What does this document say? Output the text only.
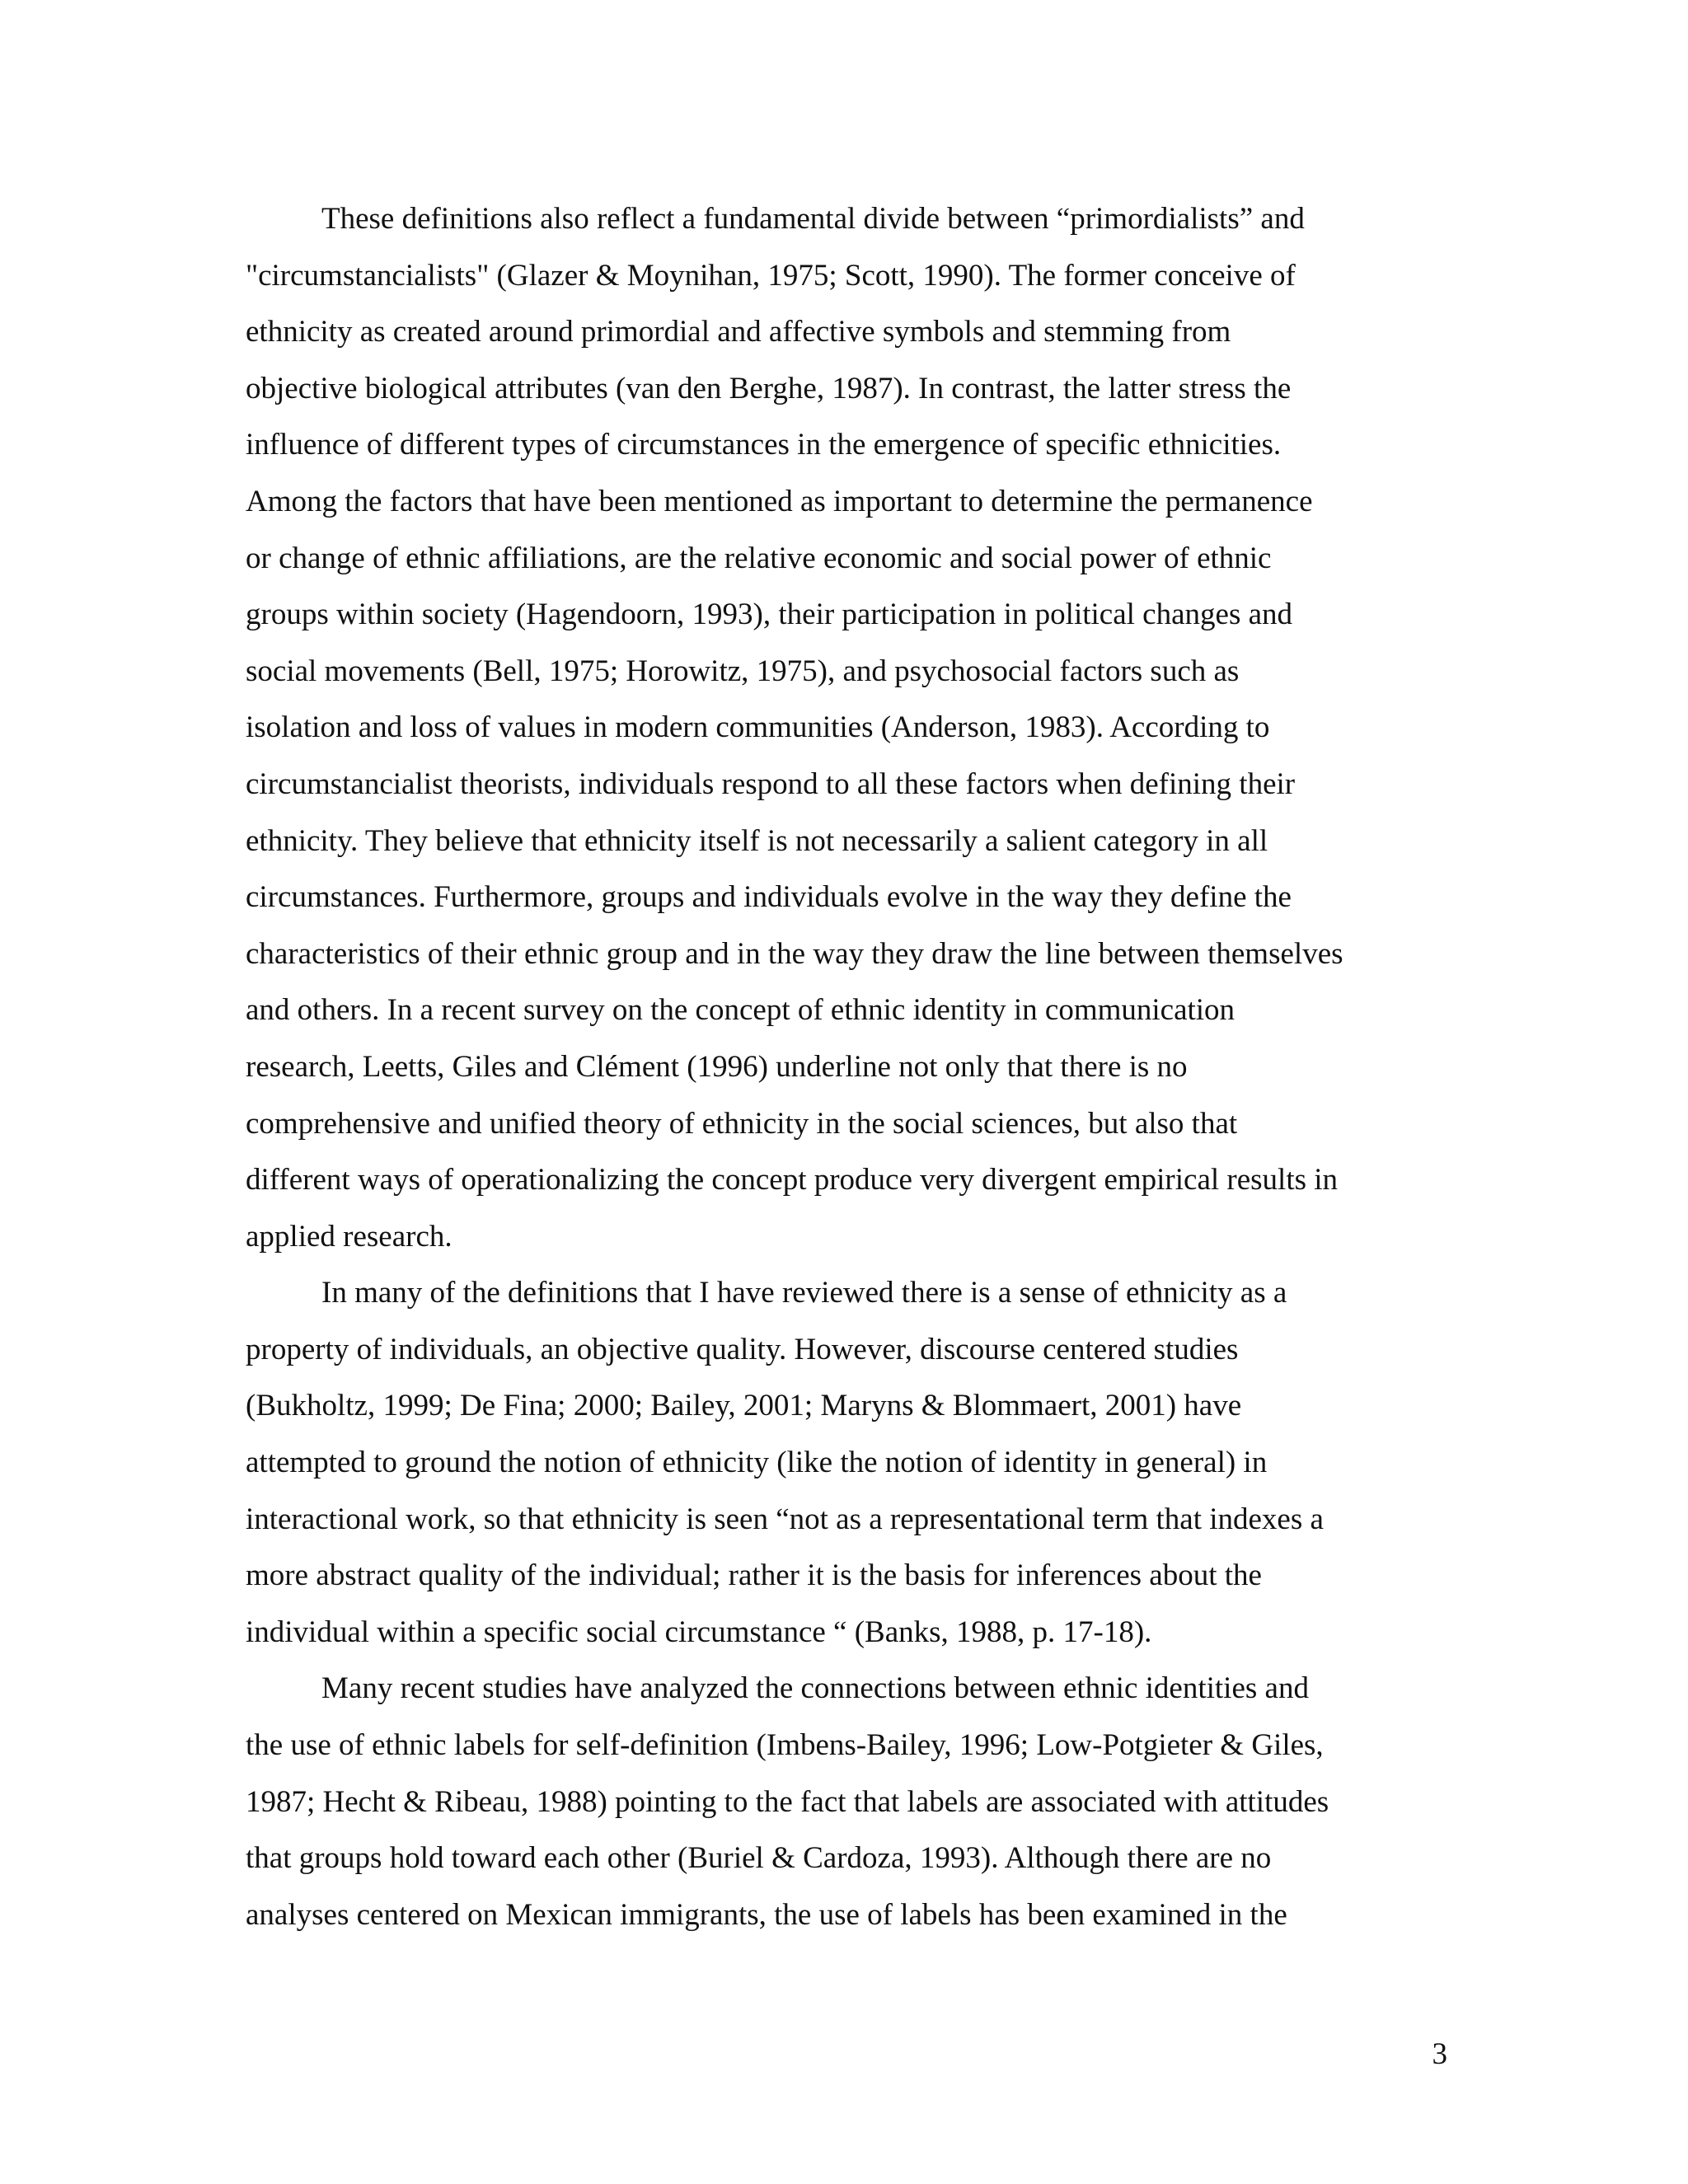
These definitions also reflect a fundamental divide between “primordialists” and
"circumstancialists" (Glazer & Moynihan, 1975; Scott, 1990). The former conceive of
ethnicity as created around primordial and affective symbols and stemming from
objective biological attributes (van den Berghe, 1987). In contrast, the latter stress the
influence of different types of circumstances in the emergence of specific ethnicities.
Among the factors that have been mentioned as important to determine the permanence
or change of ethnic affiliations, are the relative economic and social power of ethnic
groups within society (Hagendoorn, 1993), their participation in political changes and
social movements (Bell, 1975; Horowitz, 1975), and psychosocial factors such as
isolation and loss of values in modern communities (Anderson, 1983). According to
circumstancialist theorists, individuals respond to all these factors when defining their
ethnicity. They believe that ethnicity itself is not necessarily a salient category in all
circumstances. Furthermore, groups and individuals evolve in the way they define the
characteristics of their ethnic group and in the way they draw the line between themselves
and others. In a recent survey on the concept of ethnic identity in communication
research, Leetts, Giles and Clément (1996) underline not only that there is no
comprehensive and unified theory of ethnicity in the social sciences, but also that
different ways of operationalizing the concept produce very divergent empirical results in
applied research.
In many of the definitions that I have reviewed there is a sense of ethnicity as a
property of individuals, an objective quality. However, discourse centered studies
(Bukholtz, 1999; De Fina; 2000; Bailey, 2001; Maryns & Blommaert, 2001) have
attempted to ground the notion of ethnicity (like the notion of identity in general) in
interactional work, so that ethnicity is seen “not as a representational term that indexes a
more abstract quality of the individual; rather it is the basis for inferences about the
individual within a specific social circumstance “ (Banks, 1988, p. 17-18).
Many recent studies have analyzed the connections between ethnic identities and
the use of ethnic labels for self-definition (Imbens-Bailey, 1996; Low-Potgieter & Giles,
1987; Hecht & Ribeau, 1988) pointing to the fact that labels are associated with attitudes
that groups hold toward each other (Buriel & Cardoza, 1993). Although there are no
analyses centered on Mexican immigrants, the use of labels has been examined in the
3
